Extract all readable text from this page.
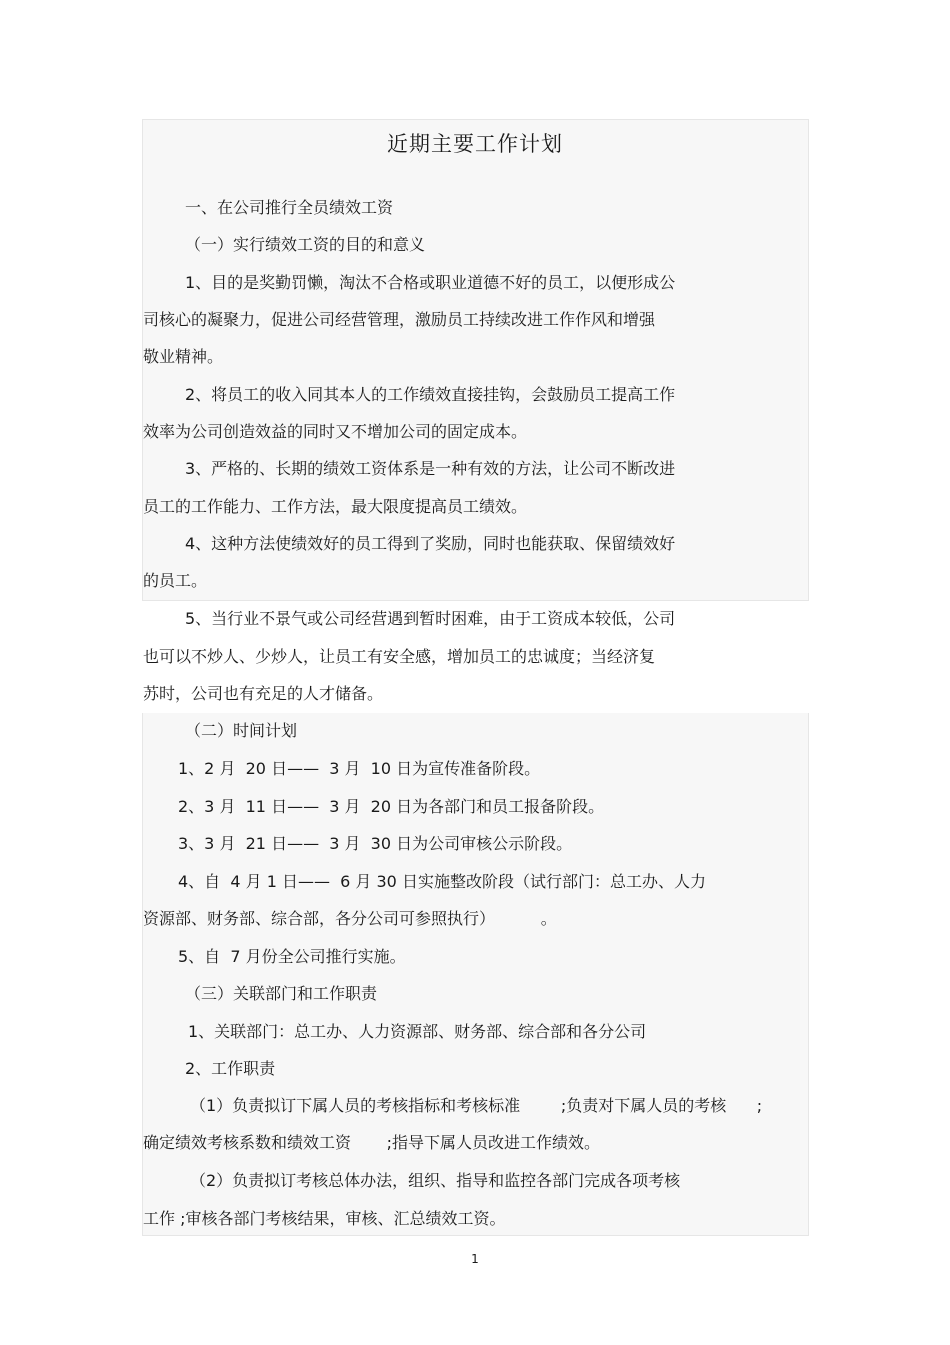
近期主要工作计划
一、在公司推行全员绩效工资
（一）实行绩效工资的目的和意义
1、目的是奖勤罚懒，淘汰不合格或职业道德不好的员工，以便形成公
司核心的凝聚力，促进公司经营管理，激励员工持续改进工作作风和增强
敬业精神。
2、将员工的收入同其本人的工作绩效直接挂钩，会鼓励员工提高工作
效率为公司创造效益的同时又不增加公司的固定成本。
3、严格的、长期的绩效工资体系是一种有效的方法，让公司不断改进
员工的工作能力、工作方法，最大限度提高员工绩效。
4、这种方法使绩效好的员工得到了奖励，同时也能获取、保留绩效好
的员工。
5、当行业不景气或公司经营遇到暂时困难，由于工资成本较低，公司
也可以不炒人、少炒人，让员工有安全感，增加员工的忠诚度；当经济复
苏时，公司也有充足的人才储备。
（二）时间计划
1、2 月  20 日——  3 月  10 日为宣传准备阶段。
2、3 月  11 日——  3 月  20 日为各部门和员工报备阶段。
3、3 月  21 日——  3 月  30 日为公司审核公示阶段。
4、自  4 月 1 日——  6 月 30 日实施整改阶段（试行部门：总工办、人力
资源部、财务部、综合部，各分公司可参照执行）         。
5、自  7 月份全公司推行实施。
（三）关联部门和工作职责
1、关联部门：总工办、人力资源部、财务部、综合部和各分公司
2、工作职责
（1）负责拟订下属人员的考核指标和考核标准        ;负责对下属人员的考核      ;
确定绩效考核系数和绩效工资       ;指导下属人员改进工作绩效。
（2）负责拟订考核总体办法，组织、指导和监控各部门完成各项考核
工作 ;审核各部门考核结果，审核、汇总绩效工资。
1
